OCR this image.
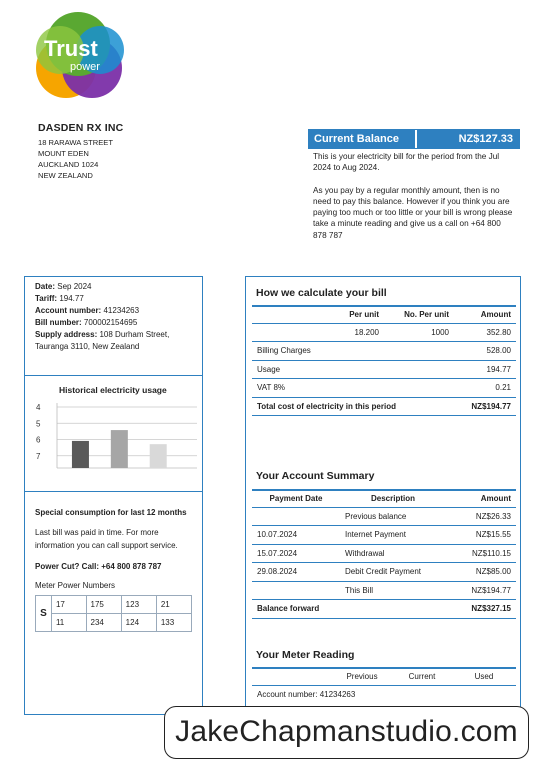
Trust
power
DASDEN RX INC
18 RARAWA STREET
MOUNT EDEN
AUCKLAND 1024
NEW ZEALAND
Current Balance	NZ$127.33

This is your electricity bill for the period from the Jul 2024 to Aug 2024.

As you pay by a regular monthly amount, then is no need to pay this balance. However if you think you are paying too much or too little or your bill is wrong please take a minute reading and give us a call on +64 800 878 787

Date: Sep 2024
Tariff: 194.77
Account number: 41234263
Bill number: 700002154695
Supply address: 108 Durham Street, Tauranga 3110, New Zealand
Historical electricity usage
4
5
6
7
Special consumption for last 12 months

Last bill was paid in time. For more information you can call support service.

Power Cut? Call: +64 800 878 787
Meter Power Numbers
S	17	175	123	21
	11	234	124	133
How we calculate your bill
Per unit	No. Per unit	Amount
18.200	1000	352.80
Billing Charges	528.00
Usage	194.77
VAT 8%	0.21
Total cost of electricity in this period	NZ$194.77
Your Account Summary
Payment Date	Description	Amount
Previous balance	NZ$26.33
10.07.2024	Internet Payment	NZ$15.55
15.07.2024	Withdrawal	NZ$110.15
29.08.2024	Debit Credit Payment	NZ$85.00
This Bill	NZ$194.77
Balance forward	NZ$327.15
Your Meter Reading
Previous	Current	Used
Account number: 41234263
JakeChapmanstudio.com
